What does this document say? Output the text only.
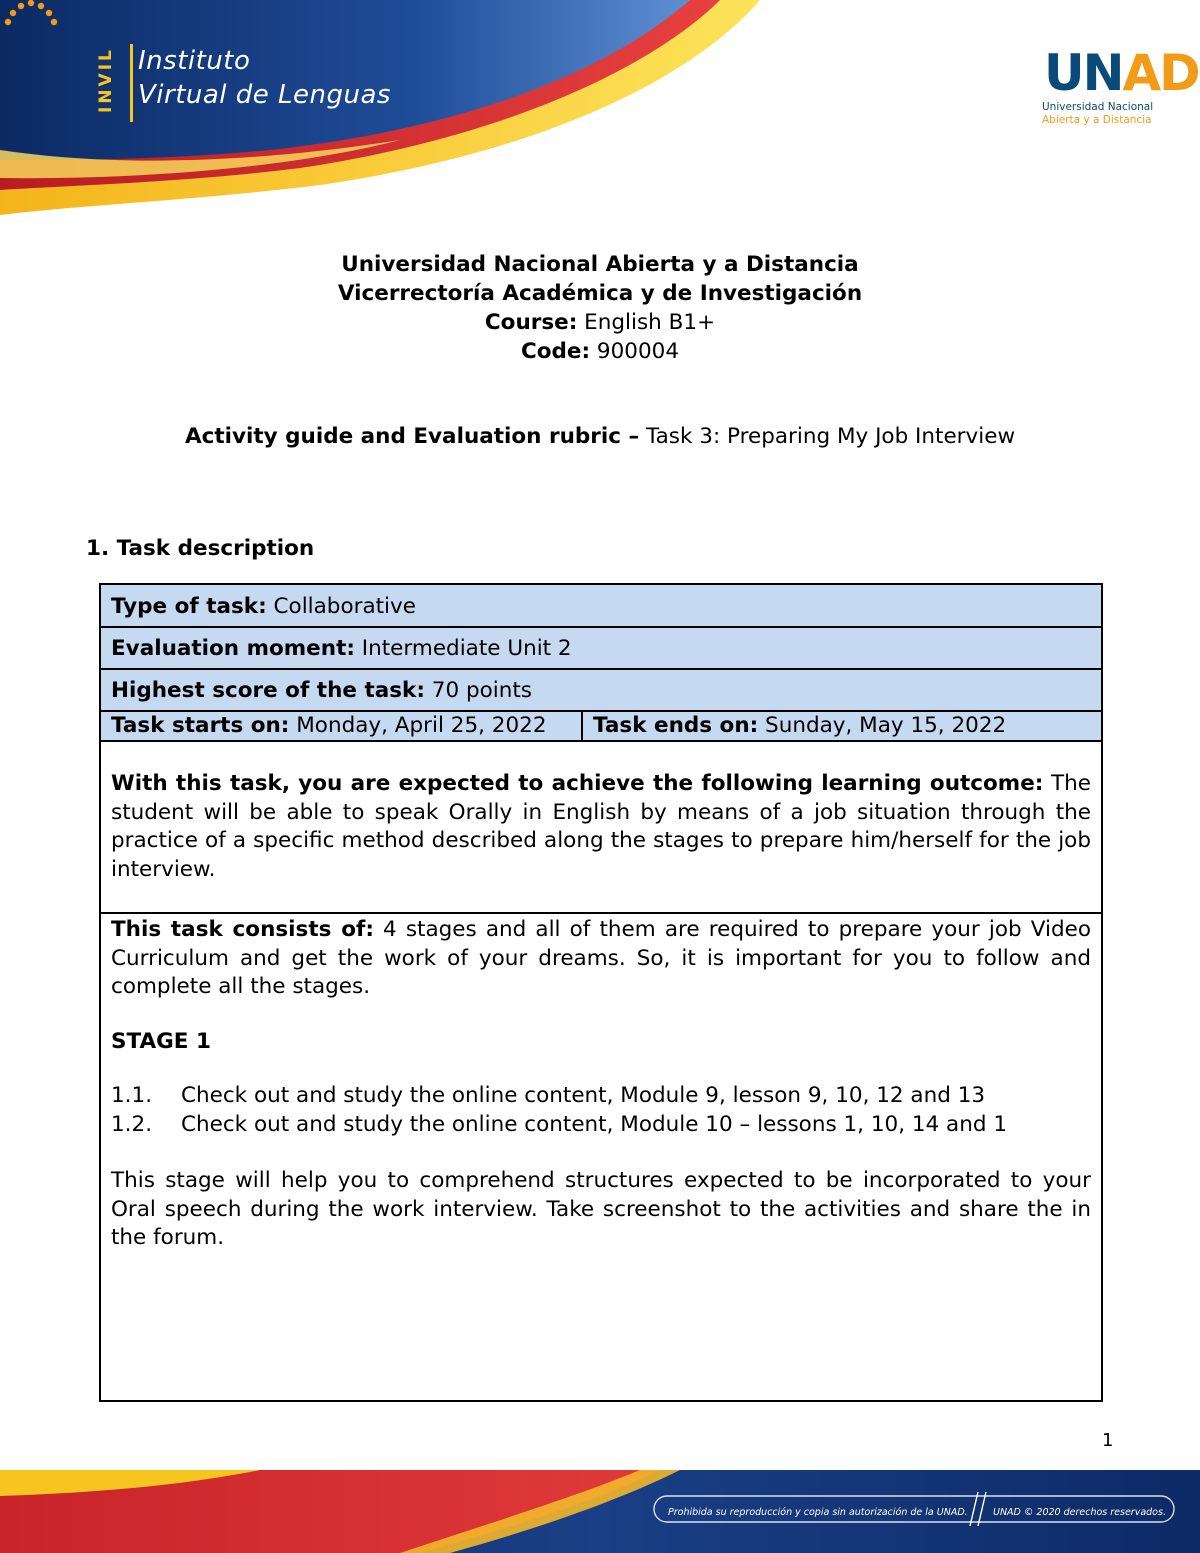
INVIL Instituto
Virtual de Lenguas	UNAD
Universidad Nacional
Abierta y a Distancia
Universidad Nacional Abierta y a Distancia
Vicerrectoría Académica y de Investigación
Course: English B1+
Code: 900004
Activity guide and Evaluation rubric – Task 3: Preparing My Job Interview
1. Task description
Type of task: Collaborative
Evaluation moment: Intermediate Unit 2
Highest score of the task: 70 points
Task starts on: Monday, April 25, 2022	Task ends on: Sunday, May 15, 2022
With this task, you are expected to achieve the following learning outcome: The student will be able to speak Orally in English by means of a job situation through the practice of a specific method described along the stages to prepare him/herself for the job interview.

This task consists of: 4 stages and all of them are required to prepare your job Video Curriculum and get the work of your dreams. So, it is important for you to follow and complete all the stages.

STAGE 1

1.1.	Check out and study the online content, Module 9, lesson 9, 10, 12 and 13
1.2.	Check out and study the online content, Module 10 – lessons 1, 10, 14 and 1

This stage will help you to comprehend structures expected to be incorporated to your Oral speech during the work interview. Take screenshot to the activities and share the in the forum.

1
Prohibida su reproducción y copia sin autorización de la UNAD.	UNAD © 2020 derechos reservados.
